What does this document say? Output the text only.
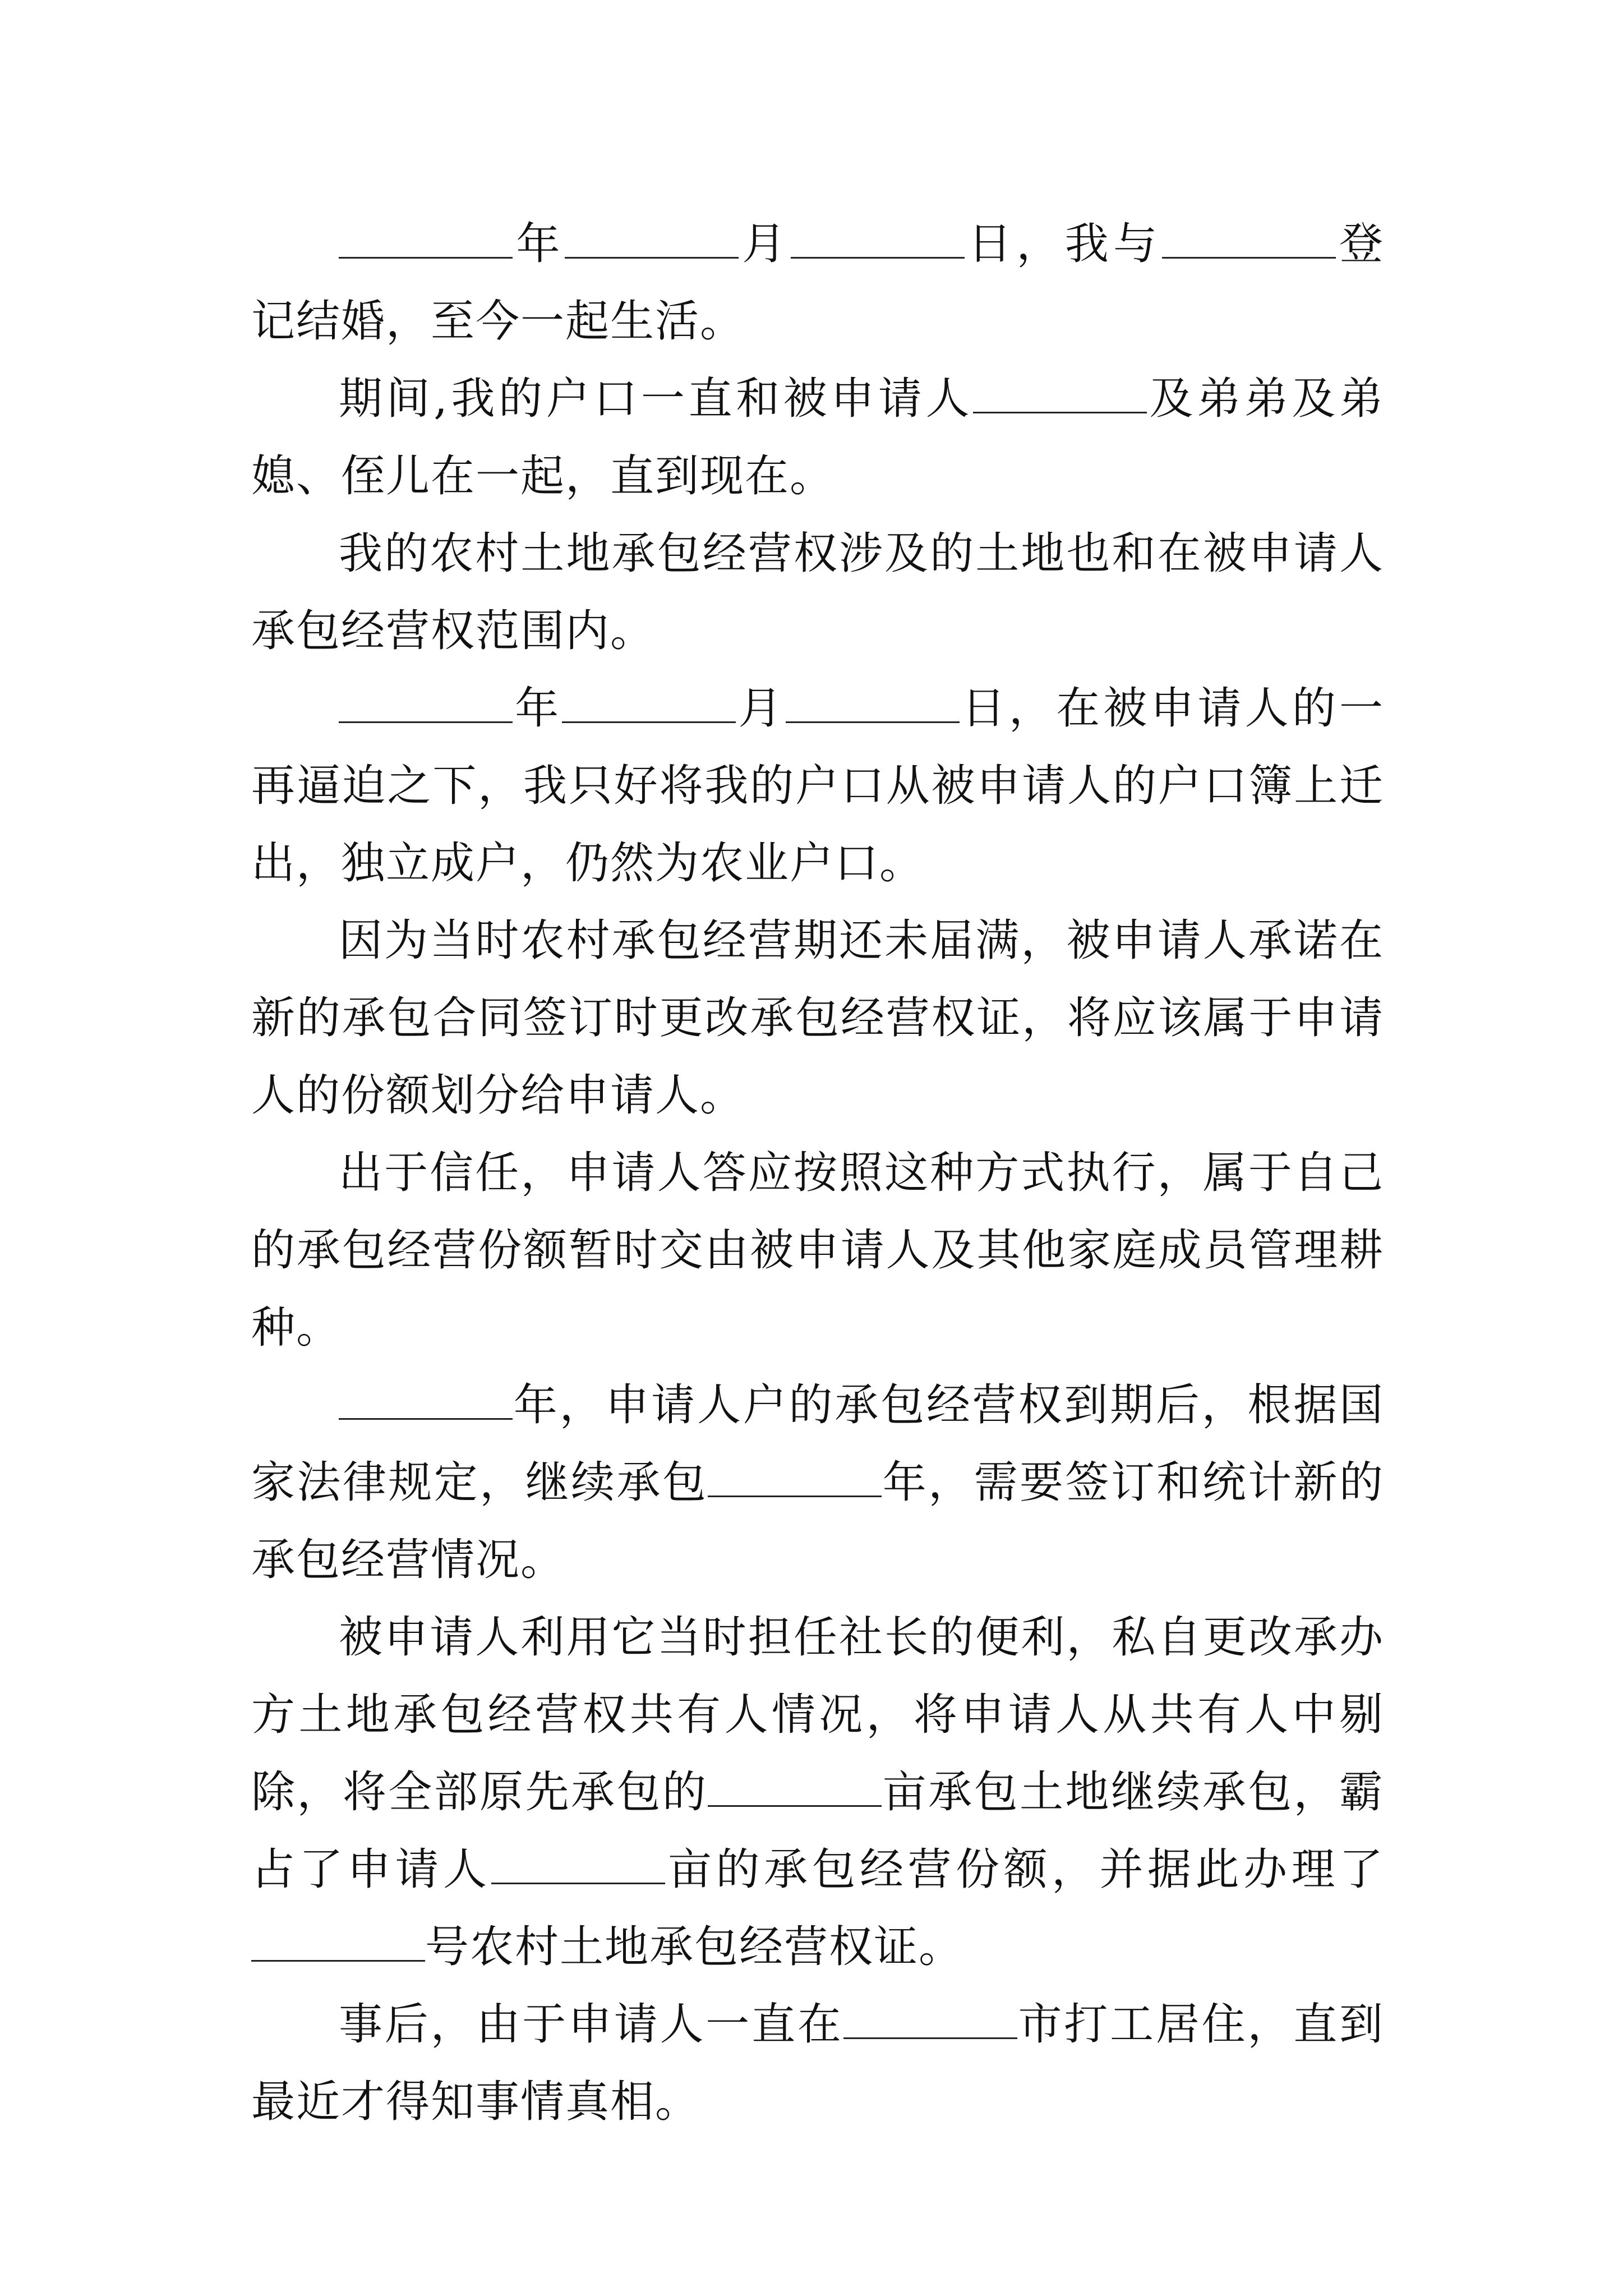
年	月	日，我与	登记结婚，至今一起生活。

期间,我的户口一直和被申请人	及弟弟及弟媳、侄儿在一起，直到现在。

我的农村土地承包经营权涉及的土地也和在被申请人承包经营权范围内。

年	月	日，在被申请人的一再逼迫之下，我只好将我的户口从被申请人的户口簿上迁出，独立成户，仍然为农业户口。

因为当时农村承包经营期还未届满，被申请人承诺在新的承包合同签订时更改承包经营权证，将应该属于申请人的份额划分给申请人。

出于信任，申请人答应按照这种方式执行，属于自己的承包经营份额暂时交由被申请人及其他家庭成员管理耕种。

年，申请人户的承包经营权到期后，根据国家法律规定，继续承包	年，需要签订和统计新的承包经营情况。

被申请人利用它当时担任社长的便利，私自更改承办方土地承包经营权共有人情况，将申请人从共有人中剔除，将全部原先承包的	亩承包土地继续承包，霸占了申请人	亩的承包经营份额，并据此办理了号农村土地承包经营权证。

事后，由于申请人一直在	市打工居住，直到最近才得知事情真相。
